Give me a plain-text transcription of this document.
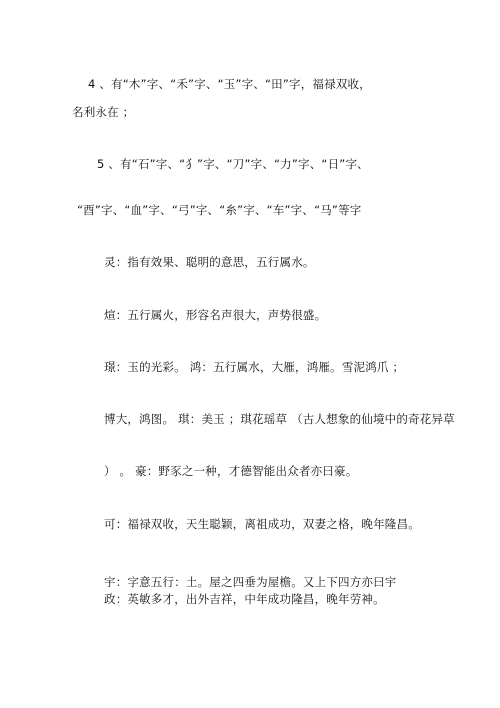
4 、有“木”字、“禾”字、“玉”字、“田”字，福禄双收，
名利永在 ；
5 、有“石”字、“犭”字、“刀”字、“力”字、“日”字、
“酉”字、“血”字、“弓”字、“糸”字、“车”字、“马”等字
灵：指有效果、聪明的意思，五行属水。
煊：五行属火，形容名声很大，声势很盛。
璟：玉的光彩。 鸿：五行属水，大雁，鸿雁。雪泥鸿爪 ；
博大，鸿图。 琪：美玉 ；琪花瑶草 （古人想象的仙境中的奇花异草
） 。 豪：野豕之一种，才德智能出众者亦曰豪。
可：福禄双收，天生聪颖，离祖成功，双妻之格，晚年隆昌。
宇：字意五行：土。屋之四垂为屋檐。又上下四方亦曰宇
政：英敏多才，出外吉祥，中年成功隆昌，晚年劳神。
